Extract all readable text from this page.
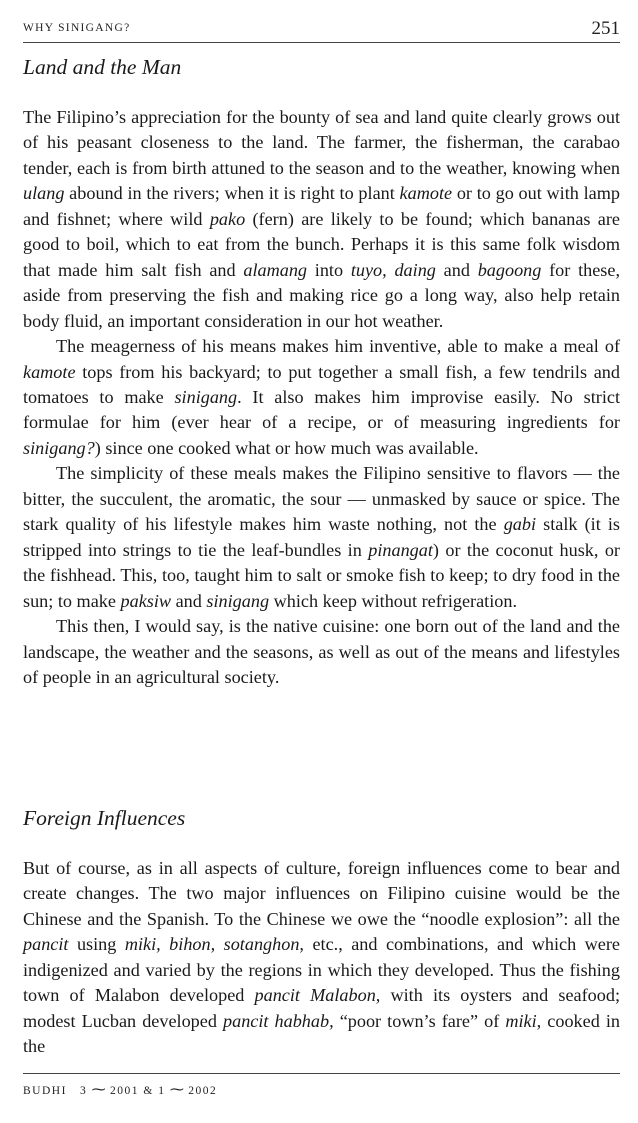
WHY SINIGANG?	251
Land and the Man

The Filipino’s appreciation for the bounty of sea and land quite clearly grows out of his peasant closeness to the land. The farmer, the fisherman, the carabao tender, each is from birth attuned to the season and to the weather, knowing when ulang abound in the rivers; when it is right to plant kamote or to go out with lamp and fishnet; where wild pako (fern) are likely to be found; which bananas are good to boil, which to eat from the bunch. Perhaps it is this same folk wisdom that made him salt fish and alamang into tuyo, daing and bagoong for these, aside from preserving the fish and making rice go a long way, also help retain body fluid, an important consideration in our hot weather.

The meagerness of his means makes him inventive, able to make a meal of kamote tops from his backyard; to put together a small fish, a few tendrils and tomatoes to make sinigang. It also makes him improvise easily. No strict formulae for him (ever hear of a recipe, or of measuring ingredients for sinigang?) since one cooked what or how much was available.

The simplicity of these meals makes the Filipino sensitive to flavors — the bitter, the succulent, the aromatic, the sour — unmasked by sauce or spice. The stark quality of his lifestyle makes him waste nothing, not the gabi stalk (it is stripped into strings to tie the leaf-bundles in pinangat) or the coconut husk, or the fishhead. This, too, taught him to salt or smoke fish to keep; to dry food in the sun; to make paksiw and sinigang which keep without refrigeration.

This then, I would say, is the native cuisine: one born out of the land and the landscape, the weather and the seasons, as well as out of the means and lifestyles of people in an agricultural society.

Foreign Influences

But of course, as in all aspects of culture, foreign influences come to bear and create changes. The two major influences on Filipino cuisine would be the Chinese and the Spanish. To the Chinese we owe the “noodle explosion”: all the pancit using miki, bihon, sotanghon, etc., and combinations, and which were indigenized and varied by the regions in which they developed. Thus the fishing town of Malabon developed pancit Malabon, with its oysters and seafood; modest Lucban developed pancit habhab, “poor town’s fare” of miki, cooked in the

BUDHI 3 ⁓ 2001 & 1 ⁓ 2002
